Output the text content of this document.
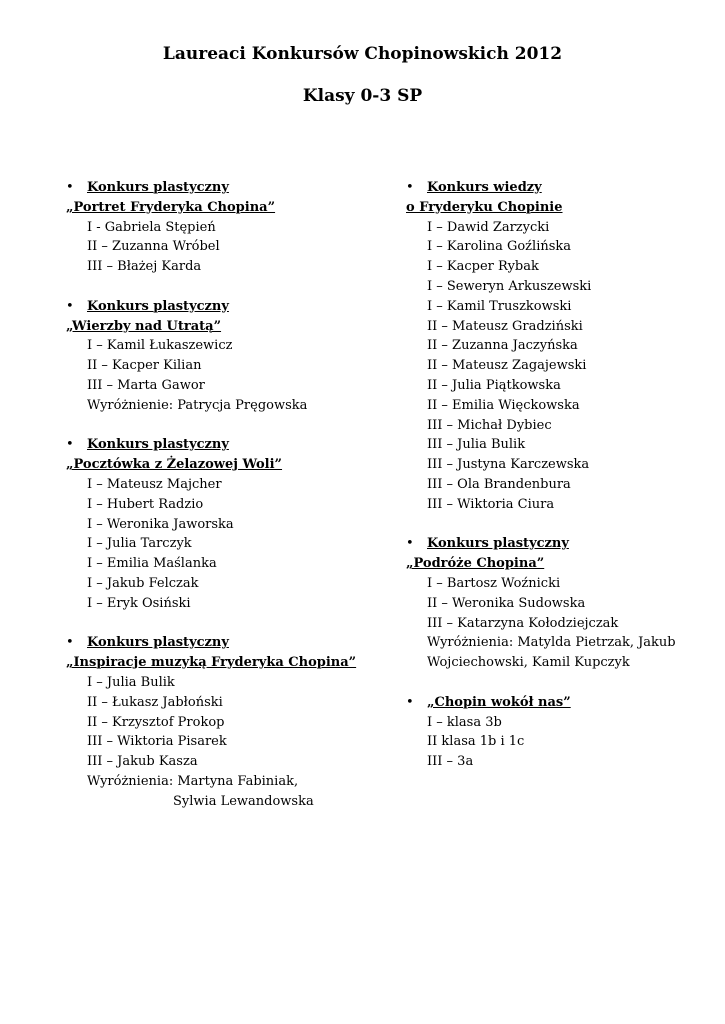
Laureaci Konkursów Chopinowskich 2012
Klasy 0-3 SP
• Konkurs plastyczny
„Portret Fryderyka Chopina”
I - Gabriela Stępień
II – Zuzanna Wróbel
III – Błażej Karda
• Konkurs plastyczny
„Wierzby nad Utratą”
I – Kamil Łukaszewicz
II – Kacper Kilian
III – Marta Gawor
Wyróżnienie: Patrycja Pręgowska
• Konkurs plastyczny
„Pocztówka z Żelazowej Woli”
I – Mateusz Majcher
I – Hubert Radzio
I – Weronika Jaworska
I – Julia Tarczyk
I – Emilia Maślanka
I – Jakub Felczak
I – Eryk Osiński
• Konkurs plastyczny
„Inspiracje muzyką Fryderyka Chopina”
I – Julia Bulik
II – Łukasz Jabłoński
II – Krzysztof Prokop
III – Wiktoria Pisarek
III – Jakub Kasza
Wyróżnienia: Martyna Fabiniak,
Sylwia Lewandowska
• Konkurs wiedzy
o Fryderyku Chopinie
I – Dawid Zarzycki
I – Karolina Goźlińska
I – Kacper Rybak
I – Seweryn Arkuszewski
I – Kamil Truszkowski
II – Mateusz Gradziński
II – Zuzanna Jaczyńska
II – Mateusz Zagajewski
II – Julia Piątkowska
II – Emilia Więckowska
III – Michał Dybiec
III – Julia Bulik
III – Justyna Karczewska
III – Ola Brandenbura
III – Wiktoria Ciura
• Konkurs plastyczny
„Podróże Chopina”
I – Bartosz Woźnicki
II – Weronika Sudowska
III – Katarzyna Kołodziejczak
Wyróżnienia: Matylda Pietrzak, Jakub Wojciechowski, Kamil Kupczyk
• „Chopin wokół nas”
I – klasa 3b
II klasa 1b i 1c
III – 3a
